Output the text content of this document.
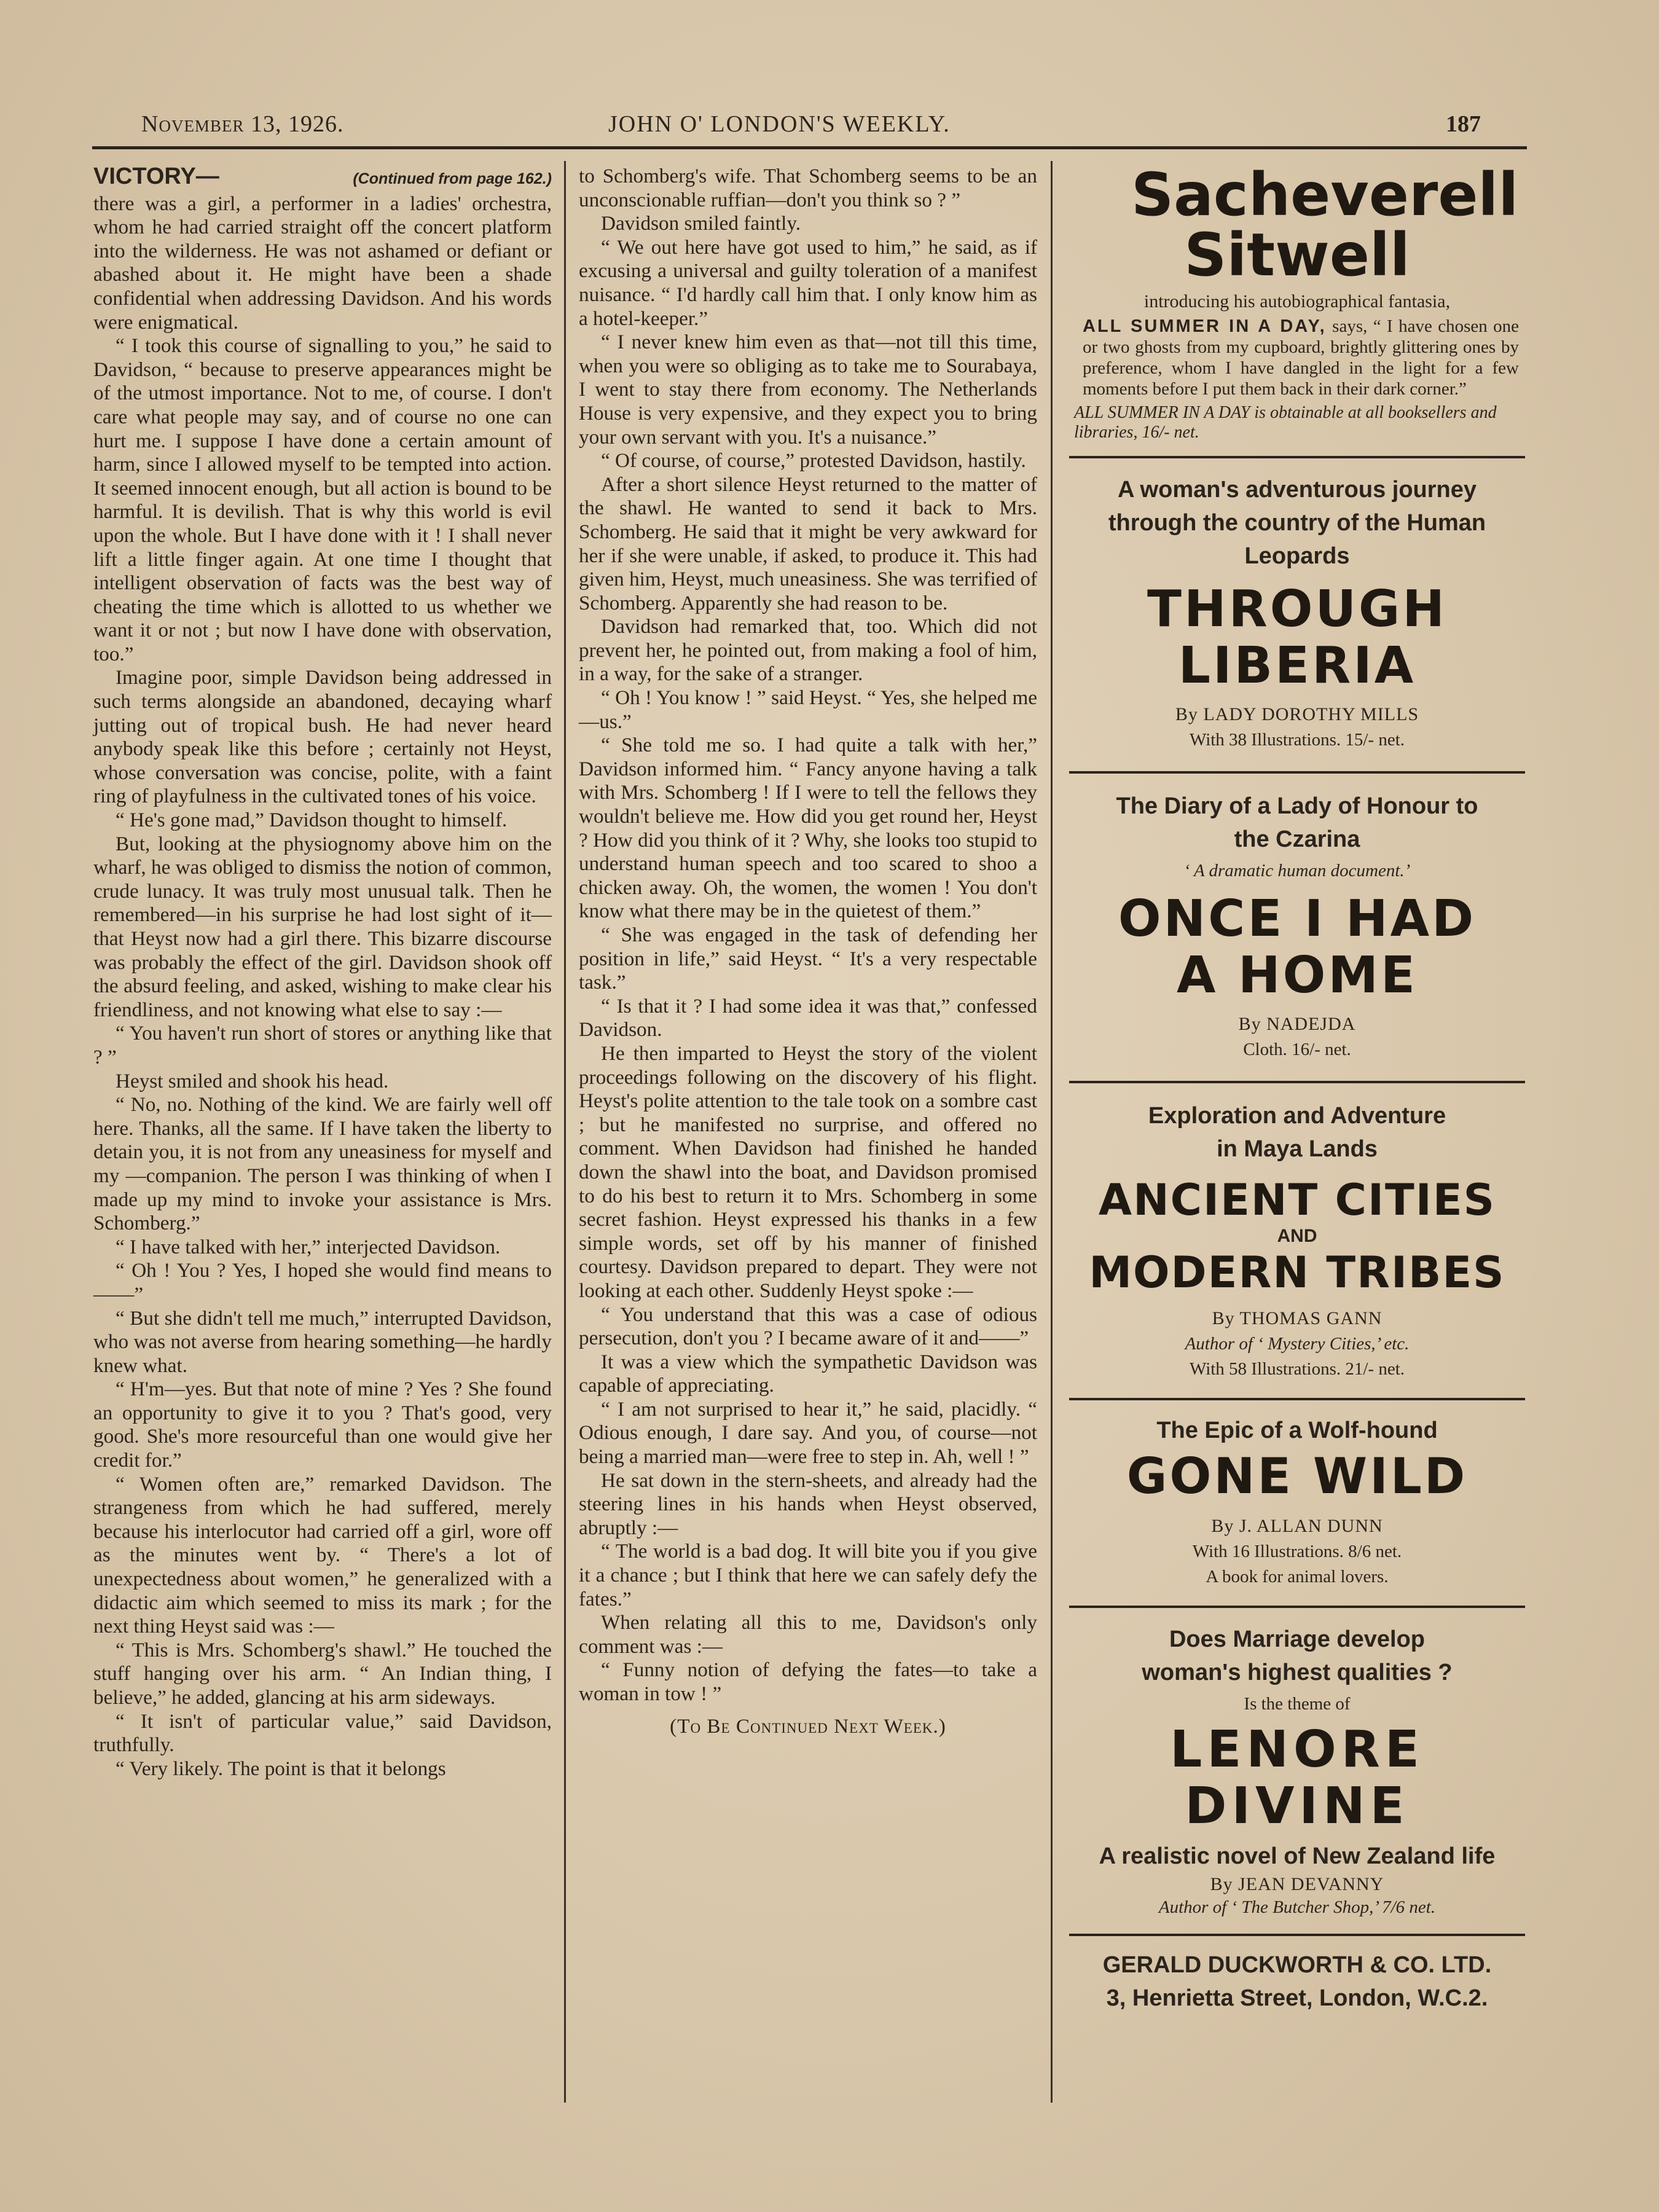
November 13, 1926.	JOHN O' LONDON'S WEEKLY.	187
VICTORY—	(Continued from page 162.)

there was a girl, a performer in a ladies' orchestra, whom he had carried straight off the concert platform into the wilderness. He was not ashamed or defiant or abashed about it. He might have been a shade confidential when addressing Davidson. And his words were enigmatical.

“ I took this course of signalling to you,” he said to Davidson, “ because to preserve appearances might be of the utmost importance. Not to me, of course. I don't care what people may say, and of course no one can hurt me. I suppose I have done a certain amount of harm, since I allowed myself to be tempted into action. It seemed innocent enough, but all action is bound to be harmful. It is devilish. That is why this world is evil upon the whole. But I have done with it ! I shall never lift a little finger again. At one time I thought that intelligent observation of facts was the best way of cheating the time which is allotted to us whether we want it or not ; but now I have done with observation, too.”

Imagine poor, simple Davidson being addressed in such terms alongside an abandoned, decaying wharf jutting out of tropical bush. He had never heard anybody speak like this before ; certainly not Heyst, whose conversation was concise, polite, with a faint ring of playfulness in the cultivated tones of his voice.

“ He's gone mad,” Davidson thought to himself.

But, looking at the physiognomy above him on the wharf, he was obliged to dismiss the notion of common, crude lunacy. It was truly most unusual talk. Then he remembered—in his surprise he had lost sight of it—that Heyst now had a girl there. This bizarre discourse was probably the effect of the girl. Davidson shook off the absurd feeling, and asked, wishing to make clear his friendliness, and not knowing what else to say :—

“ You haven't run short of stores or anything like that ? ”

Heyst smiled and shook his head.

“ No, no. Nothing of the kind. We are fairly well off here. Thanks, all the same. If I have taken the liberty to detain you, it is not from any uneasiness for myself and my —companion. The person I was thinking of when I made up my mind to invoke your assistance is Mrs. Schomberg.”

“ I have talked with her,” interjected Davidson.

“ Oh ! You ? Yes, I hoped she would find means to——”

“ But she didn't tell me much,” interrupted Davidson, who was not averse from hearing something—he hardly knew what.

“ H'm—yes. But that note of mine ? Yes ? She found an opportunity to give it to you ? That's good, very good. She's more resourceful than one would give her credit for.”

“ Women often are,” remarked Davidson. The strangeness from which he had suffered, merely because his interlocutor had carried off a girl, wore off as the minutes went by. “ There's a lot of unexpectedness about women,” he generalized with a didactic aim which seemed to miss its mark ; for the next thing Heyst said was :—

“ This is Mrs. Schomberg's shawl.” He touched the stuff hanging over his arm. “ An Indian thing, I believe,” he added, glancing at his arm sideways.

“ It isn't of particular value,” said Davidson, truthfully.

“ Very likely. The point is that it belongs

to Schomberg's wife. That Schomberg seems to be an unconscionable ruffian—don't you think so ? ”

Davidson smiled faintly.

“ We out here have got used to him,” he said, as if excusing a universal and guilty toleration of a manifest nuisance. “ I'd hardly call him that. I only know him as a hotel-keeper.”

“ I never knew him even as that—not till this time, when you were so obliging as to take me to Sourabaya, I went to stay there from economy. The Netherlands House is very expensive, and they expect you to bring your own servant with you. It's a nuisance.”

“ Of course, of course,” protested Davidson, hastily.

After a short silence Heyst returned to the matter of the shawl. He wanted to send it back to Mrs. Schomberg. He said that it might be very awkward for her if she were unable, if asked, to produce it. This had given him, Heyst, much uneasiness. She was terrified of Schomberg. Apparently she had reason to be.

Davidson had remarked that, too. Which did not prevent her, he pointed out, from making a fool of him, in a way, for the sake of a stranger.

“ Oh ! You know ! ” said Heyst. “ Yes, she helped me—us.”

“ She told me so. I had quite a talk with her,” Davidson informed him. “ Fancy anyone having a talk with Mrs. Schomberg ! If I were to tell the fellows they wouldn't believe me. How did you get round her, Heyst ? How did you think of it ? Why, she looks too stupid to understand human speech and too scared to shoo a chicken away. Oh, the women, the women ! You don't know what there may be in the quietest of them.”

“ She was engaged in the task of defending her position in life,” said Heyst. “ It's a very respectable task.”

“ Is that it ? I had some idea it was that,” confessed Davidson.

He then imparted to Heyst the story of the violent proceedings following on the discovery of his flight. Heyst's polite attention to the tale took on a sombre cast ; but he manifested no surprise, and offered no comment. When Davidson had finished he handed down the shawl into the boat, and Davidson promised to do his best to return it to Mrs. Schomberg in some secret fashion. Heyst expressed his thanks in a few simple words, set off by his manner of finished courtesy. Davidson prepared to depart. They were not looking at each other. Suddenly Heyst spoke :—

“ You understand that this was a case of odious persecution, don't you ? I became aware of it and——”

It was a view which the sympathetic Davidson was capable of appreciating.

“ I am not surprised to hear it,” he said, placidly. “ Odious enough, I dare say. And you, of course—not being a married man—were free to step in. Ah, well ! ”

He sat down in the stern-sheets, and already had the steering lines in his hands when Heyst observed, abruptly :—

“ The world is a bad dog. It will bite you if you give it a chance ; but I think that here we can safely defy the fates.”

When relating all this to me, Davidson's only comment was :—

“ Funny notion of defying the fates—to take a woman in tow ! ”

(To Be Continued Next Week.)

Sacheverell Sitwell
introducing his autobiographical fantasia,
ALL SUMMER IN A DAY, says, “ I have chosen one or two ghosts from my cupboard, brightly glittering ones by preference, whom I have dangled in the light for a few moments before I put them back in their dark corner.”
ALL SUMMER IN A DAY is obtainable at all booksellers and libraries, 16/- net.
A woman's adventurous journey through the country of the Human Leopards
THROUGH
LIBERIA
By LADY DOROTHY MILLS
With 38 Illustrations. 15/- net.
The Diary of a Lady of Honour to the Czarina
‘ A dramatic human document.’
ONCE I HAD
A HOME
By NADEJDA
Cloth. 16/- net.
Exploration and Adventure in Maya Lands
ANCIENT CITIES
AND
MODERN TRIBES
By THOMAS GANN
Author of ‘ Mystery Cities,’ etc.
With 58 Illustrations. 21/- net.
The Epic of a Wolf-hound
GONE WILD
By J. ALLAN DUNN
With 16 Illustrations. 8/6 net.
A book for animal lovers.
Does Marriage develop woman's highest qualities ?
Is the theme of
LENORE
DIVINE
A realistic novel of New Zealand life
By JEAN DEVANNY
Author of ‘ The Butcher Shop,’ 7/6 net.
GERALD DUCKWORTH & CO. LTD.
3, Henrietta Street, London, W.C.2.
